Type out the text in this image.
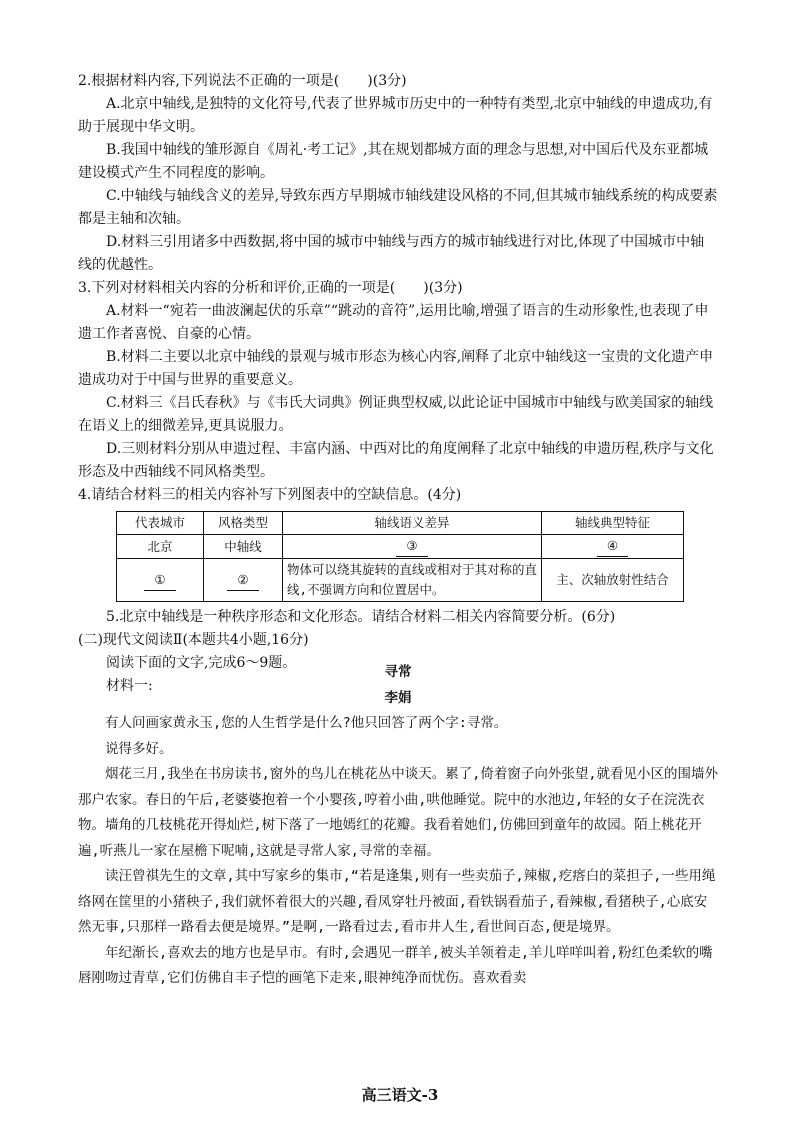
2.根据材料内容,下列说法不正确的一项是(　　)(3分)

A.北京中轴线,是独特的文化符号,代表了世界城市历史中的一种特有类型,北京中轴线的申遗成功,有助于展现中华文明。

B.我国中轴线的雏形源自《周礼·考工记》,其在规划都城方面的理念与思想,对中国后代及东亚都城建设模式产生不同程度的影响。

C.中轴线与轴线含义的差异,导致东西方早期城市轴线建设风格的不同,但其城市轴线系统的构成要素都是主轴和次轴。

D.材料三引用诸多中西数据,将中国的城市中轴线与西方的城市轴线进行对比,体现了中国城市中轴线的优越性。

3.下列对材料相关内容的分析和评价,正确的一项是(　　)(3分)

A.材料一“宛若一曲波澜起伏的乐章”“跳动的音符”,运用比喻,增强了语言的生动形象性,也表现了申遗工作者喜悦、自豪的心情。

B.材料二主要以北京中轴线的景观与城市形态为核心内容,阐释了北京中轴线这一宝贵的文化遗产申遗成功对于中国与世界的重要意义。

C.材料三《吕氏春秋》与《韦氏大词典》例证典型权威,以此论证中国城市中轴线与欧美国家的轴线在语义上的细微差异,更具说服力。

D.三则材料分别从申遗过程、丰富内涵、中西对比的角度阐释了北京中轴线的申遗历程,秩序与文化形态及中西轴线不同风格类型。

4.请结合材料三的相关内容补写下列图表中的空缺信息。(4分)

代表城市	风格类型	轴线语义差异	轴线典型特征
北京	中轴线	③	④
①	②	物体可以绕其旋转的直线或相对于其对称的直线,不强调方向和位置居中。	主、次轴放射性结合

5.北京中轴线是一种秩序形态和文化形态。请结合材料二相关内容简要分析。(6分)

(二)现代文阅读Ⅱ(本题共4小题,16分)

阅读下面的文字,完成6～9题。

材料一:

寻常

李娟

有人问画家黄永玉,您的人生哲学是什么?他只回答了两个字:寻常。

说得多好。

烟花三月,我坐在书房读书,窗外的鸟儿在桃花丛中谈天。累了,倚着窗子向外张望,就看见小区的围墙外那户农家。春日的午后,老婆婆抱着一个小婴孩,哼着小曲,哄他睡觉。院中的水池边,年轻的女子在浣洗衣物。墙角的几枝桃花开得灿烂,树下落了一地嫣红的花瓣。我看着她们,仿佛回到童年的故园。陌上桃花开遍,听燕儿一家在屋檐下呢喃,这就是寻常人家,寻常的幸福。

读汪曾祺先生的文章,其中写家乡的集市,“若是逢集,则有一些卖茄子,辣椒,疙瘩白的菜担子,一些用绳络网在筐里的小猪秧子,我们就怀着很大的兴趣,看凤穿牡丹被面,看铁锅看茄子,看辣椒,看猪秧子,心底安然无事,只那样一路看去便是境界。”是啊,一路看过去,看市井人生,看世间百态,便是境界。

年纪渐长,喜欢去的地方也是早市。有时,会遇见一群羊,被头羊领着走,羊儿咩咩叫着,粉红色柔软的嘴唇刚吻过青草,它们仿佛自丰子恺的画笔下走来,眼神纯净而忧伤。喜欢看卖

高三语文-3
